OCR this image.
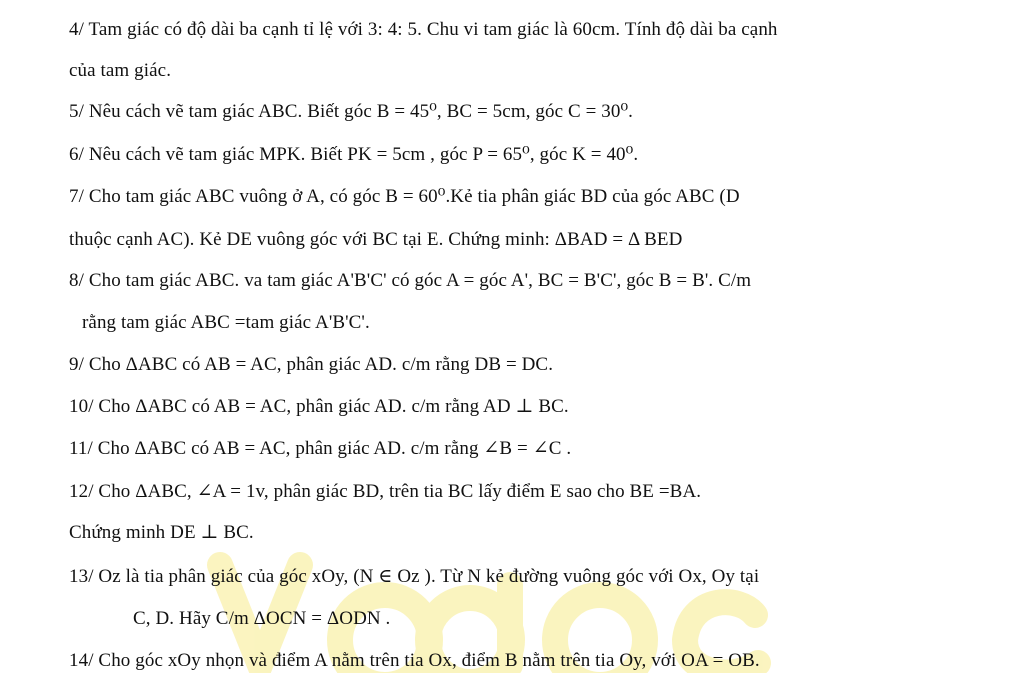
4/ Tam giác có độ dài ba cạnh tỉ lệ với 3: 4: 5. Chu vi tam giác là 60cm. Tính độ dài ba cạnh
của tam giác.
5/ Nêu cách vẽ tam giác ABC. Biết góc B = 45⁰, BC = 5cm, góc C = 30⁰.
6/ Nêu cách vẽ tam giác MPK. Biết PK = 5cm , góc P = 65⁰, góc K = 40⁰.
7/ Cho tam giác ABC vuông ở A, có góc B = 60⁰.Kẻ tia phân giác BD của góc ABC (D
thuộc cạnh AC). Kẻ DE vuông góc với BC tại E. Chứng minh: ΔBAD = Δ BED
8/ Cho tam giác ABC. va tam giác A'B'C' có góc A = góc A', BC = B'C', góc B = B'. C/m
rằng tam giác ABC =tam giác A'B'C'.
9/ Cho ΔABC có AB = AC, phân giác AD. c/m rằng DB = DC.
10/ Cho ΔABC có AB = AC, phân giác AD. c/m rằng AD ⊥ BC.
11/ Cho ΔABC có AB = AC, phân giác AD. c/m rằng ∠B = ∠C .
12/ Cho ΔABC, ∠A = 1v, phân giác BD, trên tia BC lấy điểm E sao cho BE =BA.
Chứng minh DE ⊥ BC.
13/ Oz là tia phân giác của góc xOy, (N ∈ Oz ). Từ N kẻ đường vuông góc với Ox, Oy tại
C, D. Hãy C/m ΔOCN = ΔODN .
14/ Cho góc xOy nhọn và điểm A nằm trên tia Ox, điểm B nằm trên tia Oy, với OA = OB.
